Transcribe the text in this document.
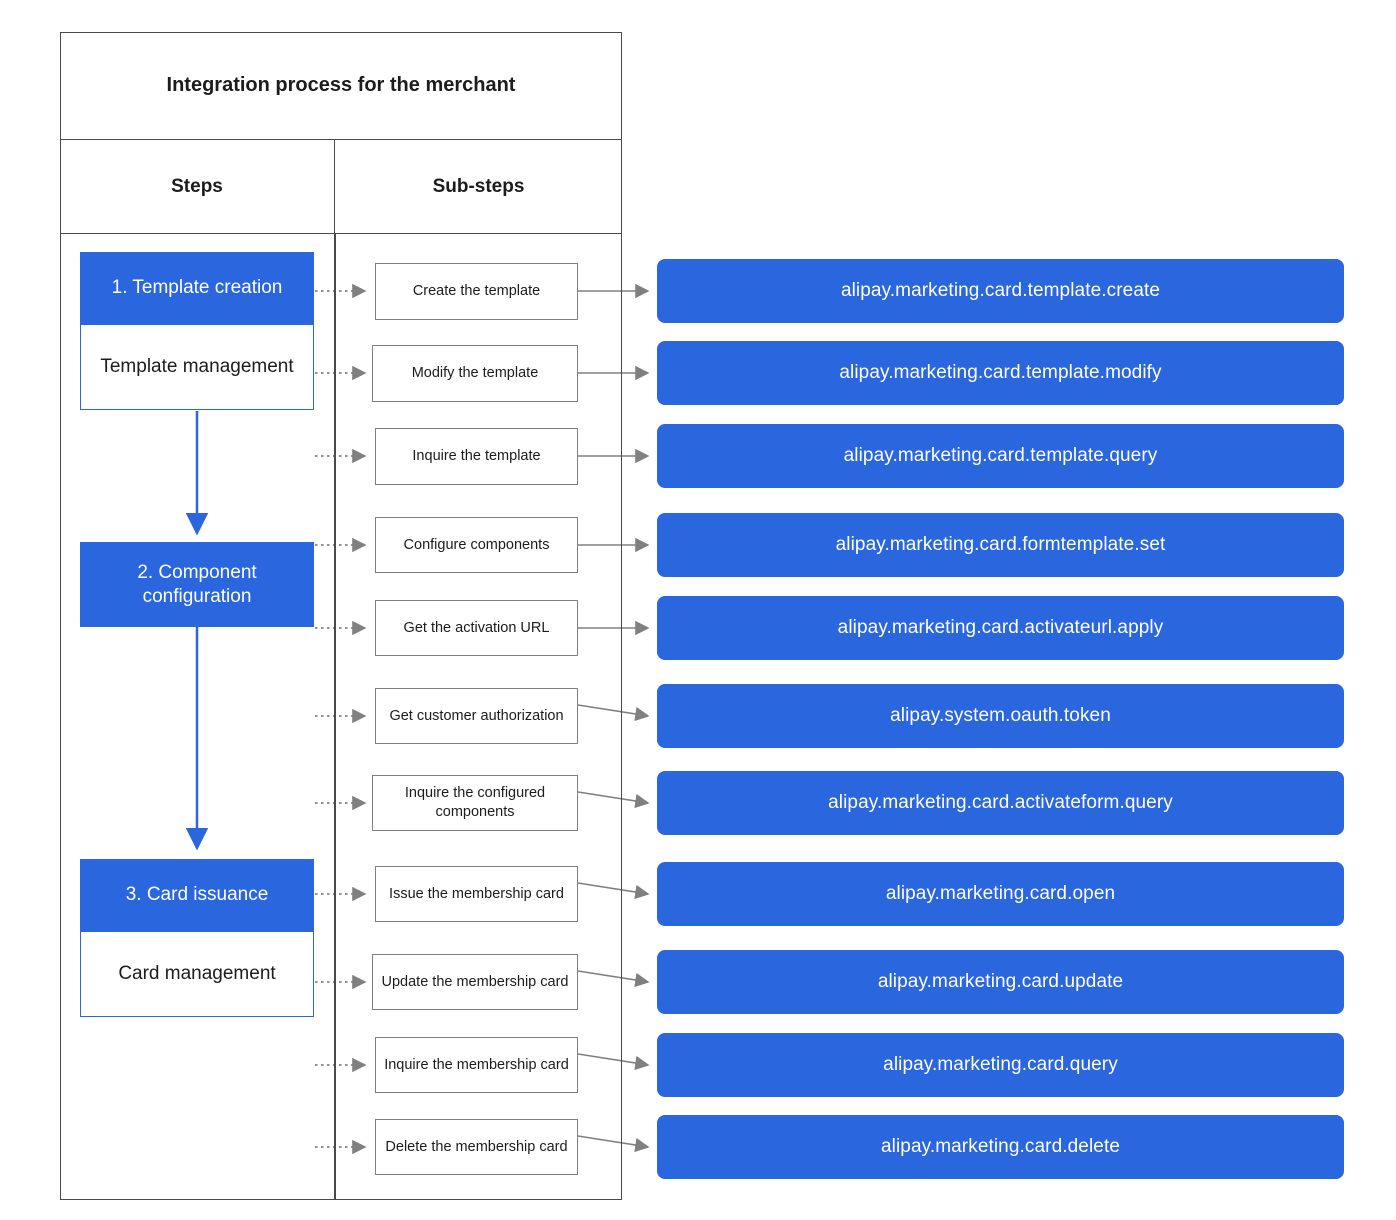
Integration process for the merchant
Steps	Sub-steps
1. Template creation
Template management
2. Component configuration
3. Card issuance
Card management
Create the template
Modify the template
Inquire the template
Configure components
Get the activation URL
Get customer authorization
Inquire the configured components
Issue the membership card
Update the membership card
Inquire the membership card
Delete the membership card
alipay.marketing.card.template.create
alipay.marketing.card.template.modify
alipay.marketing.card.template.query
alipay.marketing.card.formtemplate.set
alipay.marketing.card.activateurl.apply
alipay.system.oauth.token
alipay.marketing.card.activateform.query
alipay.marketing.card.open
alipay.marketing.card.update
alipay.marketing.card.query
alipay.marketing.card.delete
